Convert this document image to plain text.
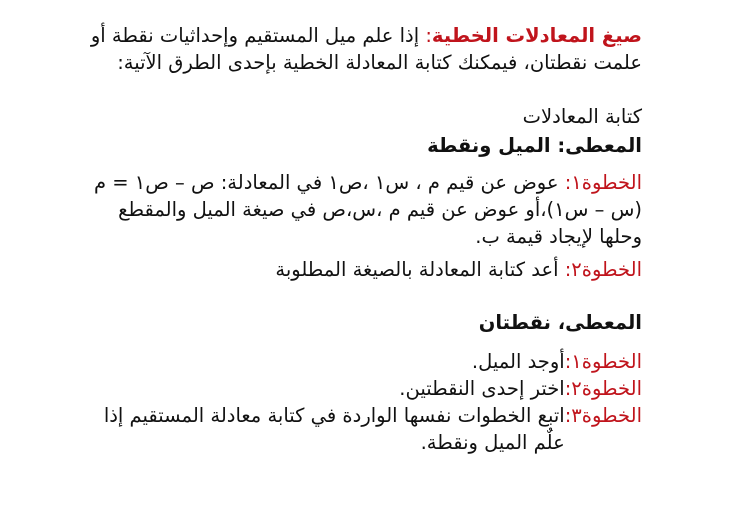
صيغ المعادلات الخطية: إذا علم ميل المستقيم وإحداثيات نقطة أو علمت نقطتان، فيمكنك كتابة المعادلة الخطية بإحدى الطرق الآتية:

كتابة المعادلات

المعطى: الميل ونقطة

الخطوة١: عوض عن قيم م ، س١ ،ص١ في المعادلة: ص – ص١ = م (س – س١)،أو عوض عن قيم م ،س،ص في صيغة الميل والمقطع وحلها لإيجاد قيمة ب.

الخطوة٢: أعد كتابة المعادلة بالصيغة المطلوبة

المعطى، نقطتان

الخطوة١:
أوجد الميل.
الخطوة٢:
اختر إحدى النقطتين.
الخطوة٣:
اتبع الخطوات نفسها الواردة في كتابة معادلة المستقيم إذا علٌم الميل ونقطة.
